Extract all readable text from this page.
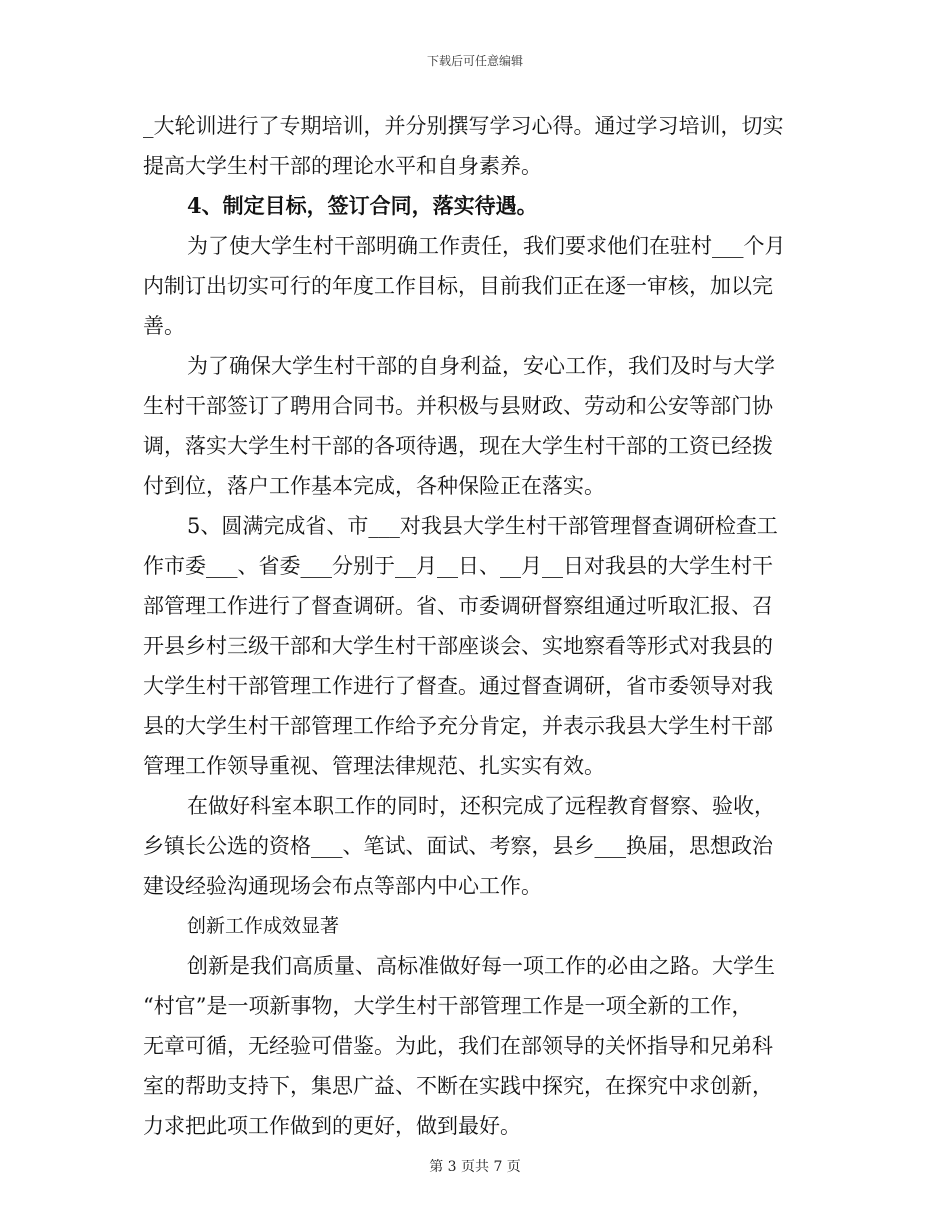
下载后可任意编辑
_大轮训进行了专期培训，并分别撰写学习心得。通过学习培训，切实
提高大学生村干部的理论水平和自身素养。
4、制定目标，签订合同，落实待遇。
为了使大学生村干部明确工作责任，我们要求他们在驻村___个月
内制订出切实可行的年度工作目标，目前我们正在逐一审核，加以完
善。
为了确保大学生村干部的自身利益，安心工作，我们及时与大学
生村干部签订了聘用合同书。并积极与县财政、劳动和公安等部门协
调，落实大学生村干部的各项待遇，现在大学生村干部的工资已经拨
付到位，落户工作基本完成，各种保险正在落实。
5、圆满完成省、市___对我县大学生村干部管理督查调研检查工
作市委___、省委___分别于__月__日、__月__日对我县的大学生村干
部管理工作进行了督查调研。省、市委调研督察组通过听取汇报、召
开县乡村三级干部和大学生村干部座谈会、实地察看等形式对我县的
大学生村干部管理工作进行了督查。通过督查调研，省市委领导对我
县的大学生村干部管理工作给予充分肯定，并表示我县大学生村干部
管理工作领导重视、管理法律规范、扎实实有效。
在做好科室本职工作的同时，还积完成了远程教育督察、验收，
乡镇长公选的资格___、笔试、面试、考察，县乡___换届，思想政治
建设经验沟通现场会布点等部内中心工作。
创新工作成效显著
创新是我们高质量、高标准做好每一项工作的必由之路。大学生
“村官”是一项新事物，大学生村干部管理工作是一项全新的工作，
无章可循，无经验可借鉴。为此，我们在部领导的关怀指导和兄弟科
室的帮助支持下，集思广益、不断在实践中探究，在探究中求创新，
力求把此项工作做到的更好，做到最好。
第 3 页共 7 页
